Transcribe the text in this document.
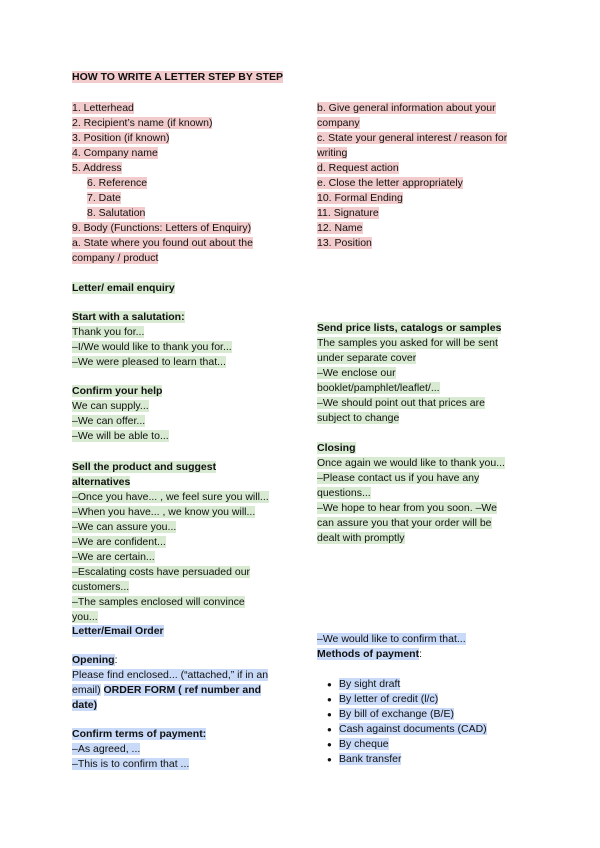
HOW TO WRITE A LETTER STEP BY STEP
1. Letterhead
2. Recipient’s name (if known)
3. Position (if known)
4. Company name
5. Address
6. Reference
7. Date
8. Salutation
9. Body (Functions: Letters of Enquiry)
a. State where you found out about the company / product
b. Give general information about your company
c. State your general interest / reason for writing
d. Request action
e. Close the letter appropriately
10. Formal Ending
11. Signature
12. Name
13. Position
Letter/ email enquiry
Start with a salutation:
Thank you for...
–I/We would like to thank you for...
–We were pleased to learn that...
Confirm your help
We can supply...
–We can offer...
–We will be able to...
Sell the product and suggest alternatives
–Once you have... , we feel sure you will...
–When you have... , we know you will...
–We can assure you...
–We are confident...
–We are certain...
–Escalating costs have persuaded our customers...
–The samples enclosed will convince you...
Send price lists, catalogs or samples
The samples you asked for will be sent under separate cover
–We enclose our booklet/pamphlet/leaflet/...
–We should point out that prices are subject to change
Closing
Once again we would like to thank you...
–Please contact us if you have any questions...
–We hope to hear from you soon. –We can assure you that your order will be dealt with promptly
Letter/Email Order
Opening:
Please find enclosed... (“attached,” if in an email) ORDER FORM ( ref number and date)
Confirm terms of payment:
–As agreed, ...
–This is to confirm that ...
–We would like to confirm that...
Methods of payment:
● By sight draft
● By letter of credit (l/c)
● By bill of exchange (B/E)
● Cash against documents (CAD)
● By cheque
● Bank transfer
